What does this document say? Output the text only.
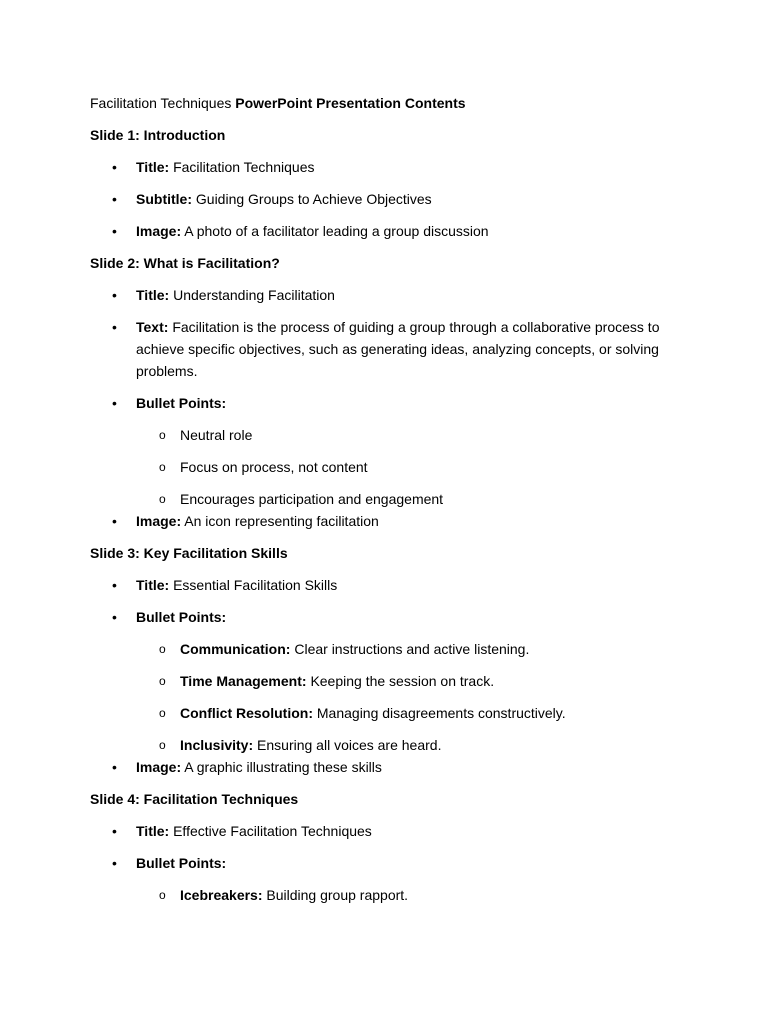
Facilitation Techniques PowerPoint Presentation Contents

Slide 1: Introduction

• Title: Facilitation Techniques
• Subtitle: Guiding Groups to Achieve Objectives
• Image: A photo of a facilitator leading a group discussion

Slide 2: What is Facilitation?

• Title: Understanding Facilitation
• Text: Facilitation is the process of guiding a group through a collaborative process to achieve specific objectives, such as generating ideas, analyzing concepts, or solving problems.
• Bullet Points:
o Neutral role
o Focus on process, not content
o Encourages participation and engagement
• Image: An icon representing facilitation

Slide 3: Key Facilitation Skills

• Title: Essential Facilitation Skills
• Bullet Points:
o Communication: Clear instructions and active listening.
o Time Management: Keeping the session on track.
o Conflict Resolution: Managing disagreements constructively.
o Inclusivity: Ensuring all voices are heard.
• Image: A graphic illustrating these skills

Slide 4: Facilitation Techniques

• Title: Effective Facilitation Techniques
• Bullet Points:
o Icebreakers: Building group rapport.
